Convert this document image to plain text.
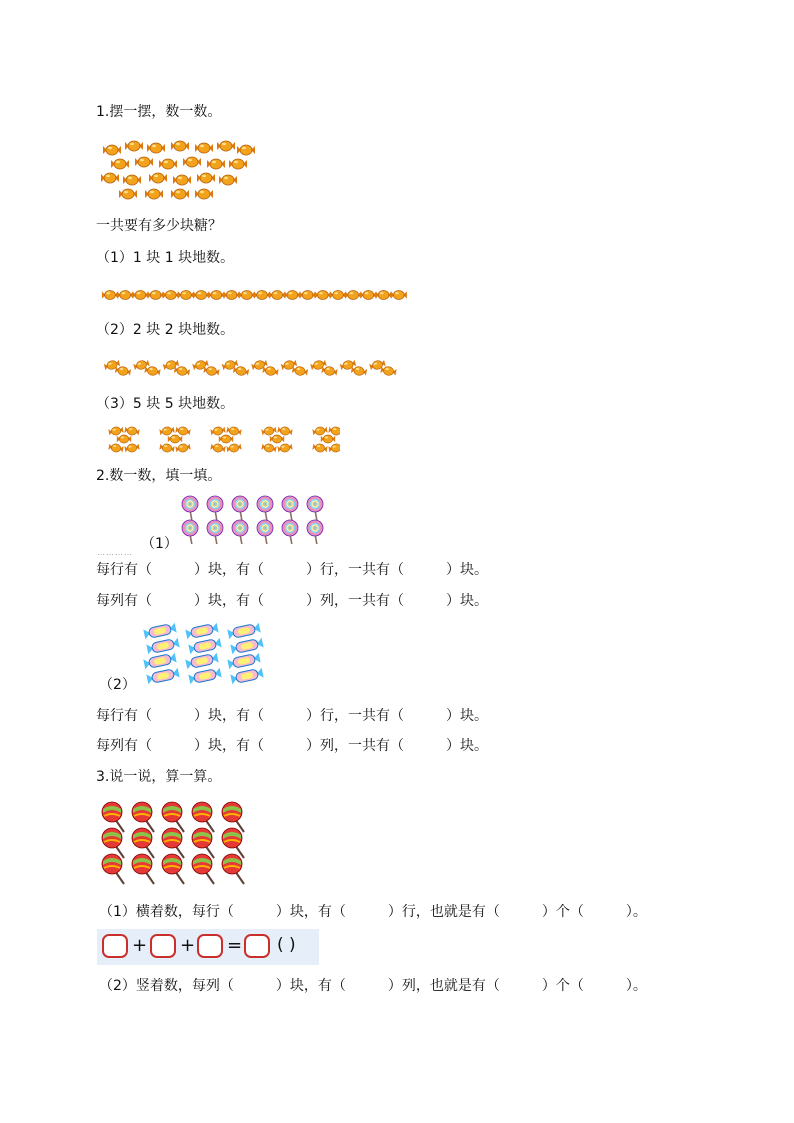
1.摆一摆，数一数。
一共要有多少块糖？
（1）1 块 1 块地数。
（2）2 块 2 块地数。
（3）5 块 5 块地数。
2.数一数，填一填。
…………
（1）
每行有（　　　）块，有（　　　）行，一共有（　　　）块。
每列有（　　　）块，有（　　　）列，一共有（　　　）块。
（2）
每行有（　　　）块，有（　　　）行，一共有（　　　）块。
每列有（　　　）块，有（　　　）列，一共有（　　　）块。
3.说一说，算一算。
（1）横着数，每行（　　　）块，有（　　　）行，也就是有（　　　）个（　　　）。
+ + = ( )
（2）竖着数，每列（　　　）块，有（　　　）列，也就是有（　　　）个（　　　）。
